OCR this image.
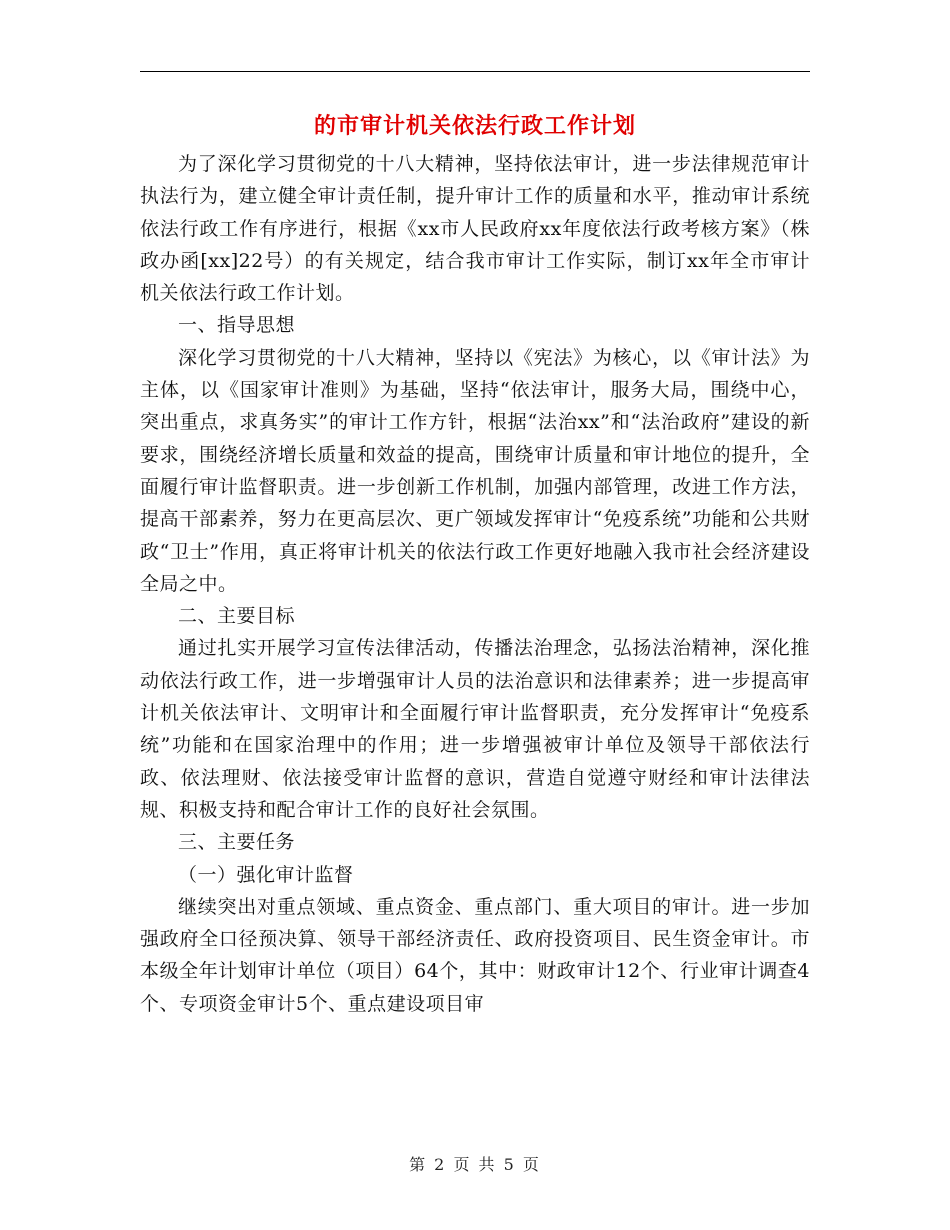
的市审计机关依法行政工作计划

为了深化学习贯彻党的十八大精神，坚持依法审计，进一步法律规范审计执法行为，建立健全审计责任制，提升审计工作的质量和水平，推动审计系统依法行政工作有序进行，根据《xx市人民政府xx年度依法行政考核方案》（株政办函[xx]22号）的有关规定，结合我市审计工作实际，制订xx年全市审计机关依法行政工作计划。

一、指导思想

深化学习贯彻党的十八大精神，坚持以《宪法》为核心，以《审计法》为主体，以《国家审计准则》为基础，坚持“依法审计，服务大局，围绕中心，突出重点，求真务实”的审计工作方针，根据“法治xx”和“法治政府”建设的新要求，围绕经济增长质量和效益的提高，围绕审计质量和审计地位的提升，全面履行审计监督职责。进一步创新工作机制，加强内部管理，改进工作方法，提高干部素养，努力在更高层次、更广领域发挥审计“免疫系统”功能和公共财政“卫士”作用，真正将审计机关的依法行政工作更好地融入我市社会经济建设全局之中。

二、主要目标

通过扎实开展学习宣传法律活动，传播法治理念，弘扬法治精神，深化推动依法行政工作，进一步增强审计人员的法治意识和法律素养；进一步提高审计机关依法审计、文明审计和全面履行审计监督职责，充分发挥审计“免疫系统”功能和在国家治理中的作用；进一步增强被审计单位及领导干部依法行政、依法理财、依法接受审计监督的意识，营造自觉遵守财经和审计法律法规、积极支持和配合审计工作的良好社会氛围。

三、主要任务

（一）强化审计监督

继续突出对重点领域、重点资金、重点部门、重大项目的审计。进一步加强政府全口径预决算、领导干部经济责任、政府投资项目、民生资金审计。市本级全年计划审计单位（项目）64个，其中：财政审计12个、行业审计调查4个、专项资金审计5个、重点建设项目审

第 2 页 共 5 页
